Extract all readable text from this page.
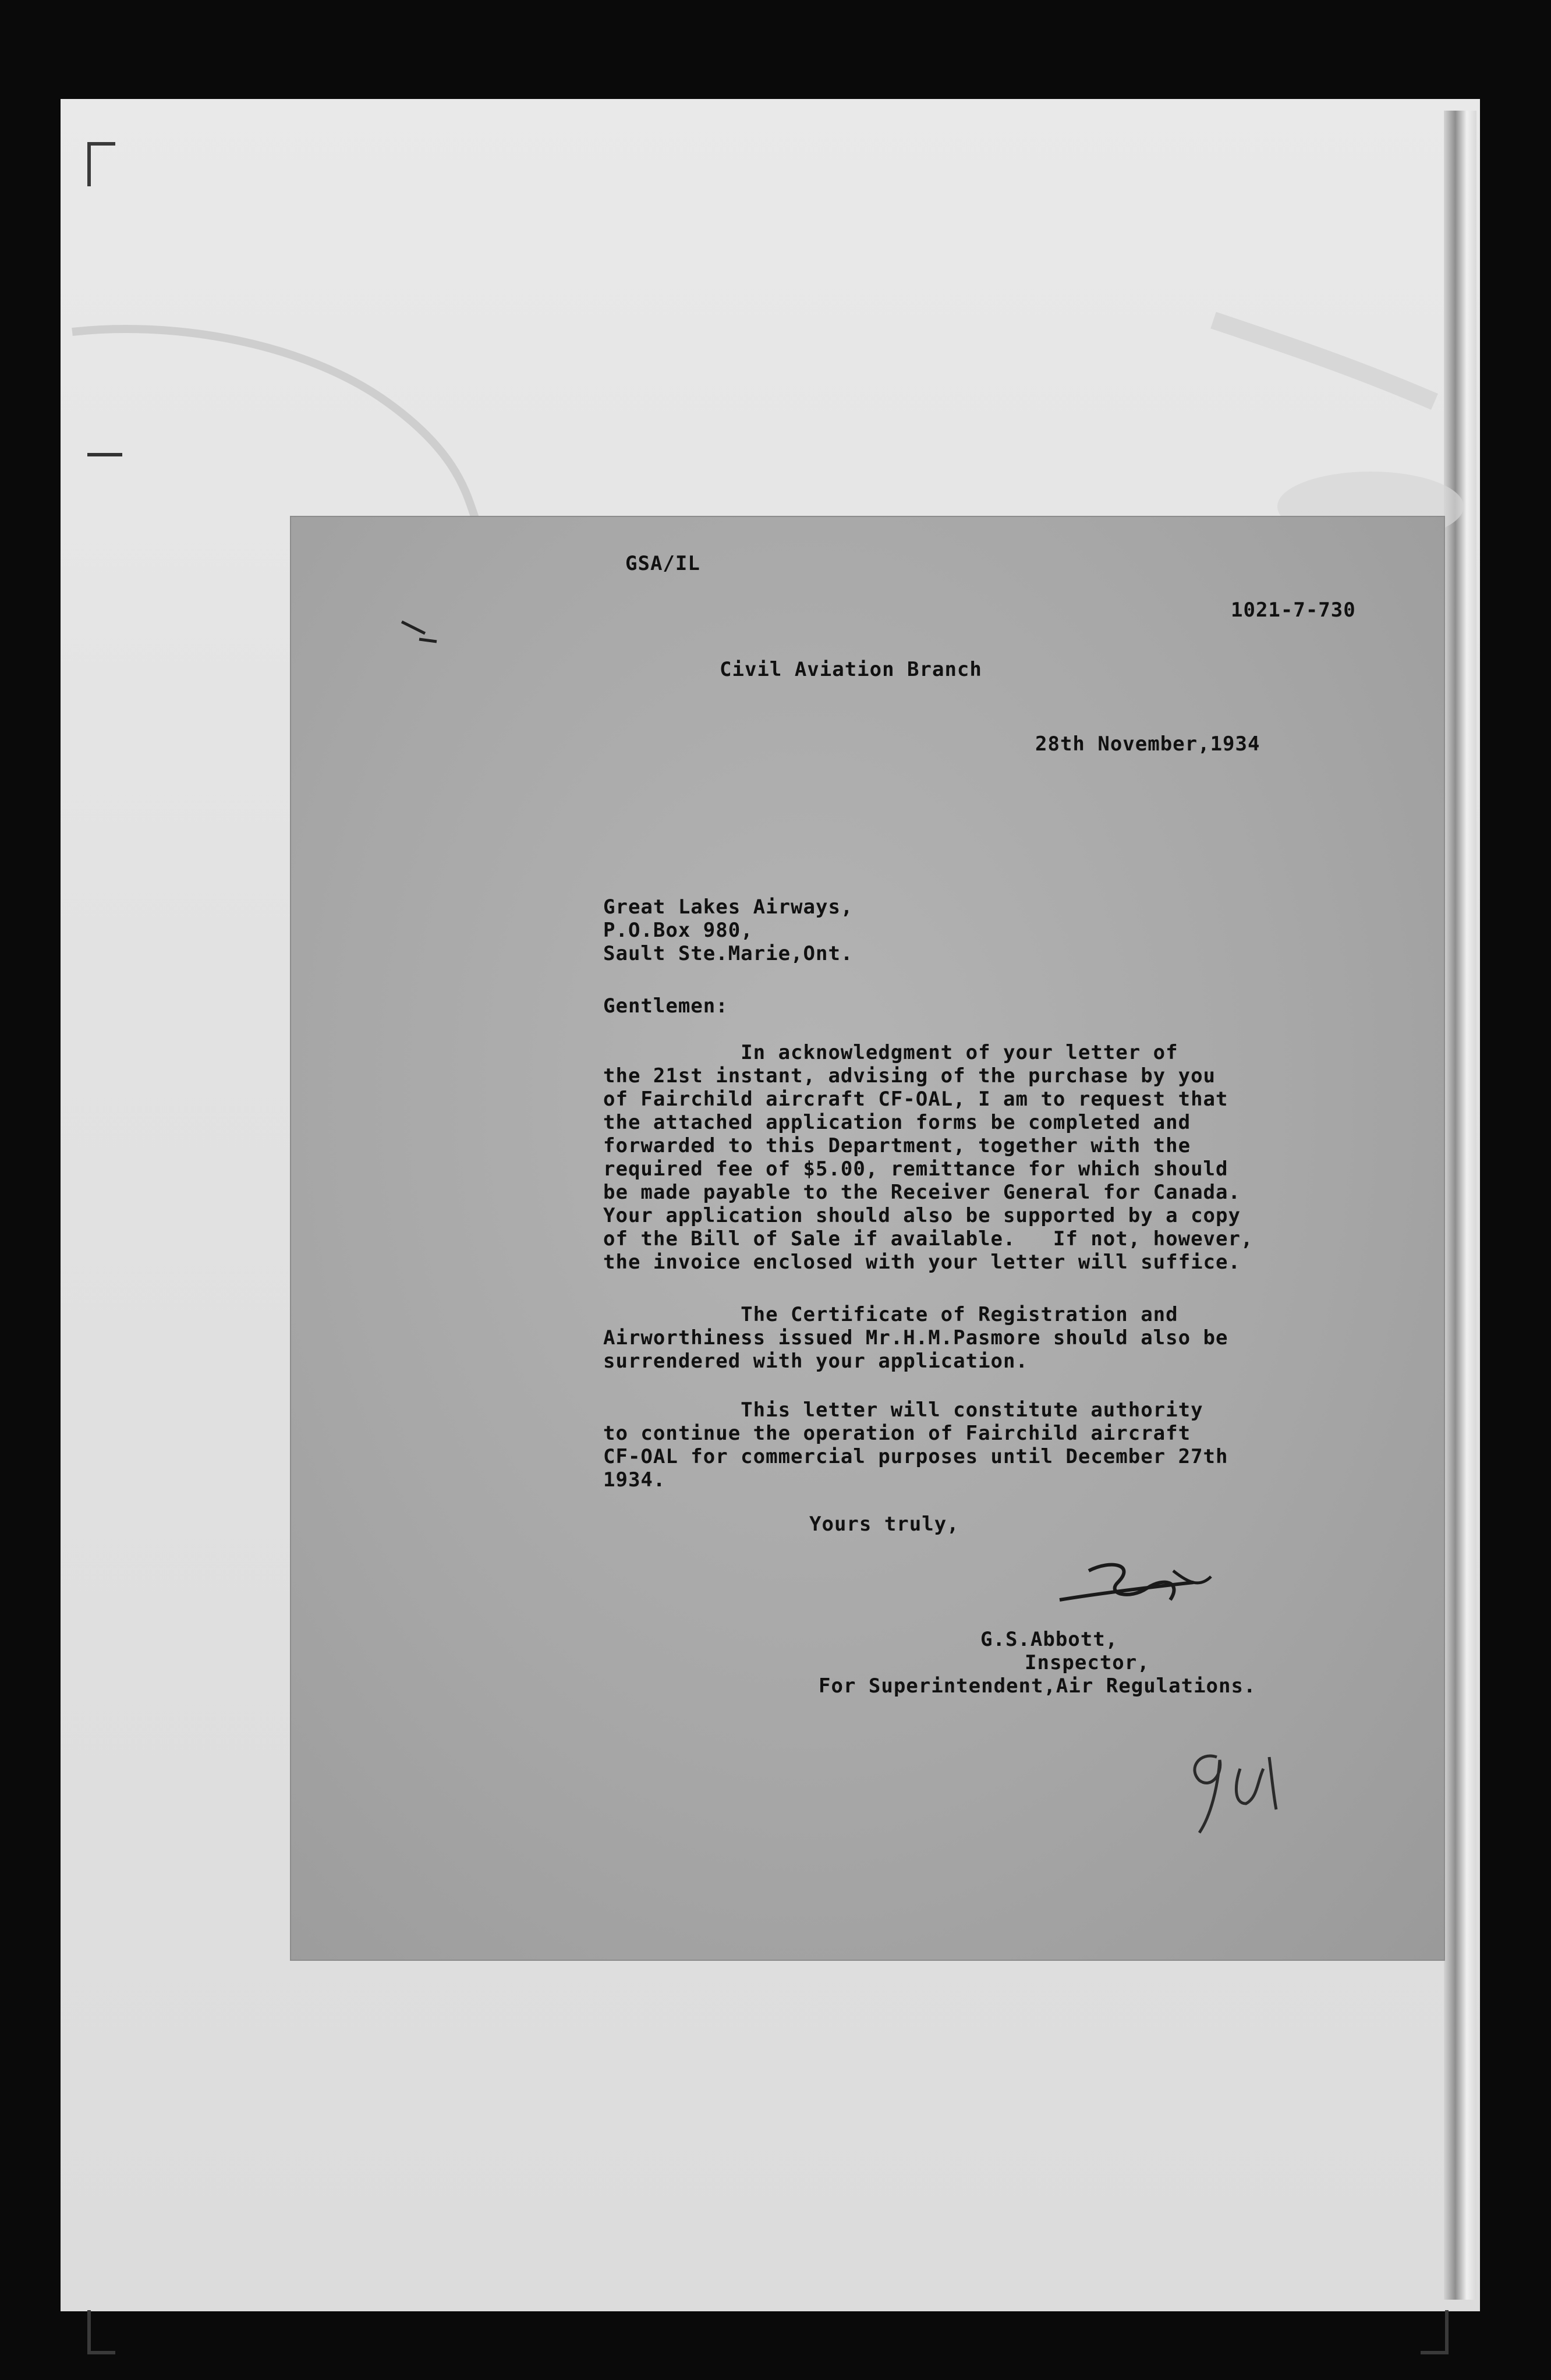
GSA/IL
1021-7-730
Civil Aviation Branch
28th November,1934
Great Lakes Airways,
P.O.Box 980,
Sault Ste.Marie,Ont.
Gentlemen:
In acknowledgment of your letter of
the 21st instant, advising of the purchase by you
of Fairchild aircraft CF-OAL, I am to request that
the attached application forms be completed and
forwarded to this Department, together with the
required fee of $5.00, remittance for which should
be made payable to the Receiver General for Canada.
Your application should also be supported by a copy
of the Bill of Sale if available.   If not, however,
the invoice enclosed with your letter will suffice.
The Certificate of Registration and
Airworthiness issued Mr.H.M.Pasmore should also be
surrendered with your application.
This letter will constitute authority
to continue the operation of Fairchild aircraft
CF-OAL for commercial purposes until December 27th
1934.
Yours truly,
G.S.Abbott,
Inspector,
For Superintendent,Air Regulations.
